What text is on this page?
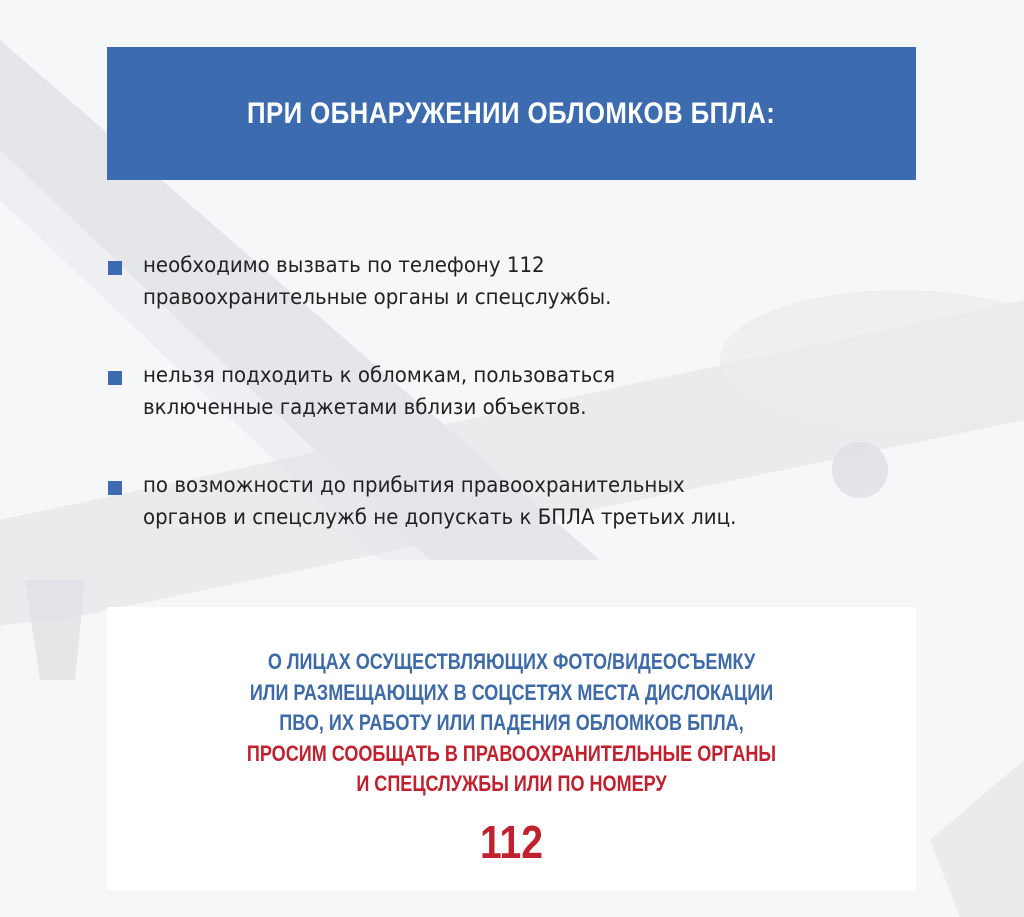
ПРИ ОБНАРУЖЕНИИ ОБЛОМКОВ БПЛА:
необходимо вызвать по телефону 112
правоохранительные органы и спецслужбы.
нельзя подходить к обломкам, пользоваться
включенные гаджетами вблизи объектов.
по возможности до прибытия правоохранительных
органов и спецслужб не допускать к БПЛА третьих лиц.
О ЛИЦАХ ОСУЩЕСТВЛЯЮЩИХ ФОТО/ВИДЕОСЪЕМКУ
ИЛИ РАЗМЕЩАЮЩИХ В СОЦСЕТЯХ МЕСТА ДИСЛОКАЦИИ
ПВО, ИХ РАБОТУ ИЛИ ПАДЕНИЯ ОБЛОМКОВ БПЛА,
ПРОСИМ СООБЩАТЬ В ПРАВООХРАНИТЕЛЬНЫЕ ОРГАНЫ
И СПЕЦСЛУЖБЫ ИЛИ ПО НОМЕРУ
112
